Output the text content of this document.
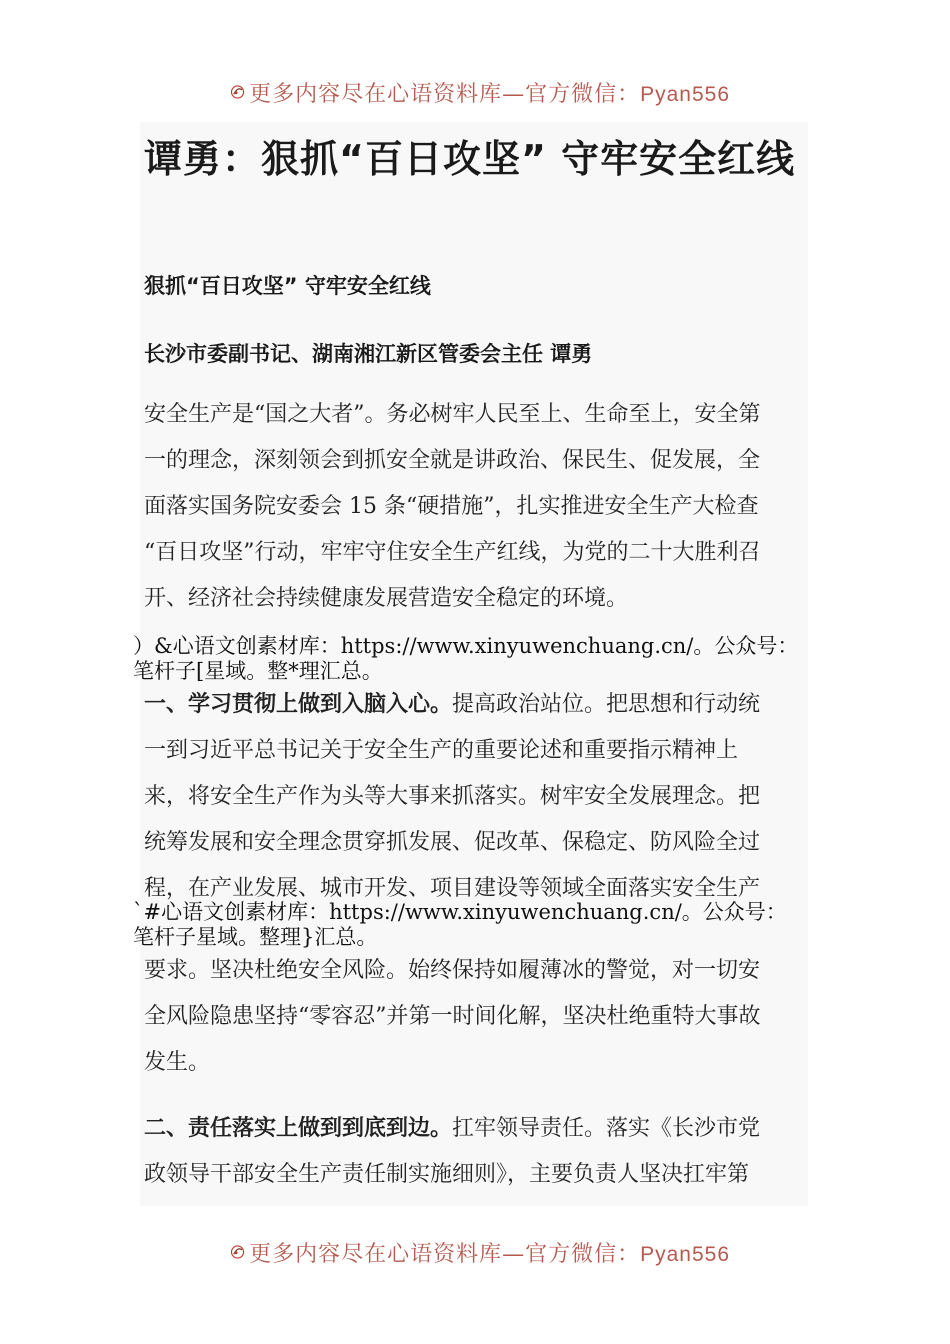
更多内容尽在心语资料库—官方微信：Pyan556
谭勇：狠抓“百日攻坚” 守牢安全红线
狠抓“百日攻坚” 守牢安全红线
长沙市委副书记、湖南湘江新区管委会主任 谭勇
安全生产是“国之大者”。务必树牢人民至上、生命至上，安全第
一的理念，深刻领会到抓安全就是讲政治、保民生、促发展，全
面落实国务院安委会 15 条“硬措施”，扎实推进安全生产大检查
“百日攻坚”行动，牢牢守住安全生产红线，为党的二十大胜利召
开、经济社会持续健康发展营造安全稳定的环境。
）&心语文创素材库：https://www.xinyuwenchuang.cn/。公众号：
笔杆子[星域。整*理汇总。
一、学习贯彻上做到入脑入心。提高政治站位。把思想和行动统
一到习近平总书记关于安全生产的重要论述和重要指示精神上
来，将安全生产作为头等大事来抓落实。树牢安全发展理念。把
统筹发展和安全理念贯穿抓发展、促改革、保稳定、防风险全过
程，在产业发展、城市开发、项目建设等领域全面落实安全生产
`#心语文创素材库：https://www.xinyuwenchuang.cn/。公众号：
笔杆子星域。整理}汇总。
要求。坚决杜绝安全风险。始终保持如履薄冰的警觉，对一切安
全风险隐患坚持“零容忍”并第一时间化解，坚决杜绝重特大事故
发生。
二、责任落实上做到到底到边。扛牢领导责任。落实《长沙市党
政领导干部安全生产责任制实施细则》，主要负责人坚决扛牢第
更多内容尽在心语资料库—官方微信：Pyan556
